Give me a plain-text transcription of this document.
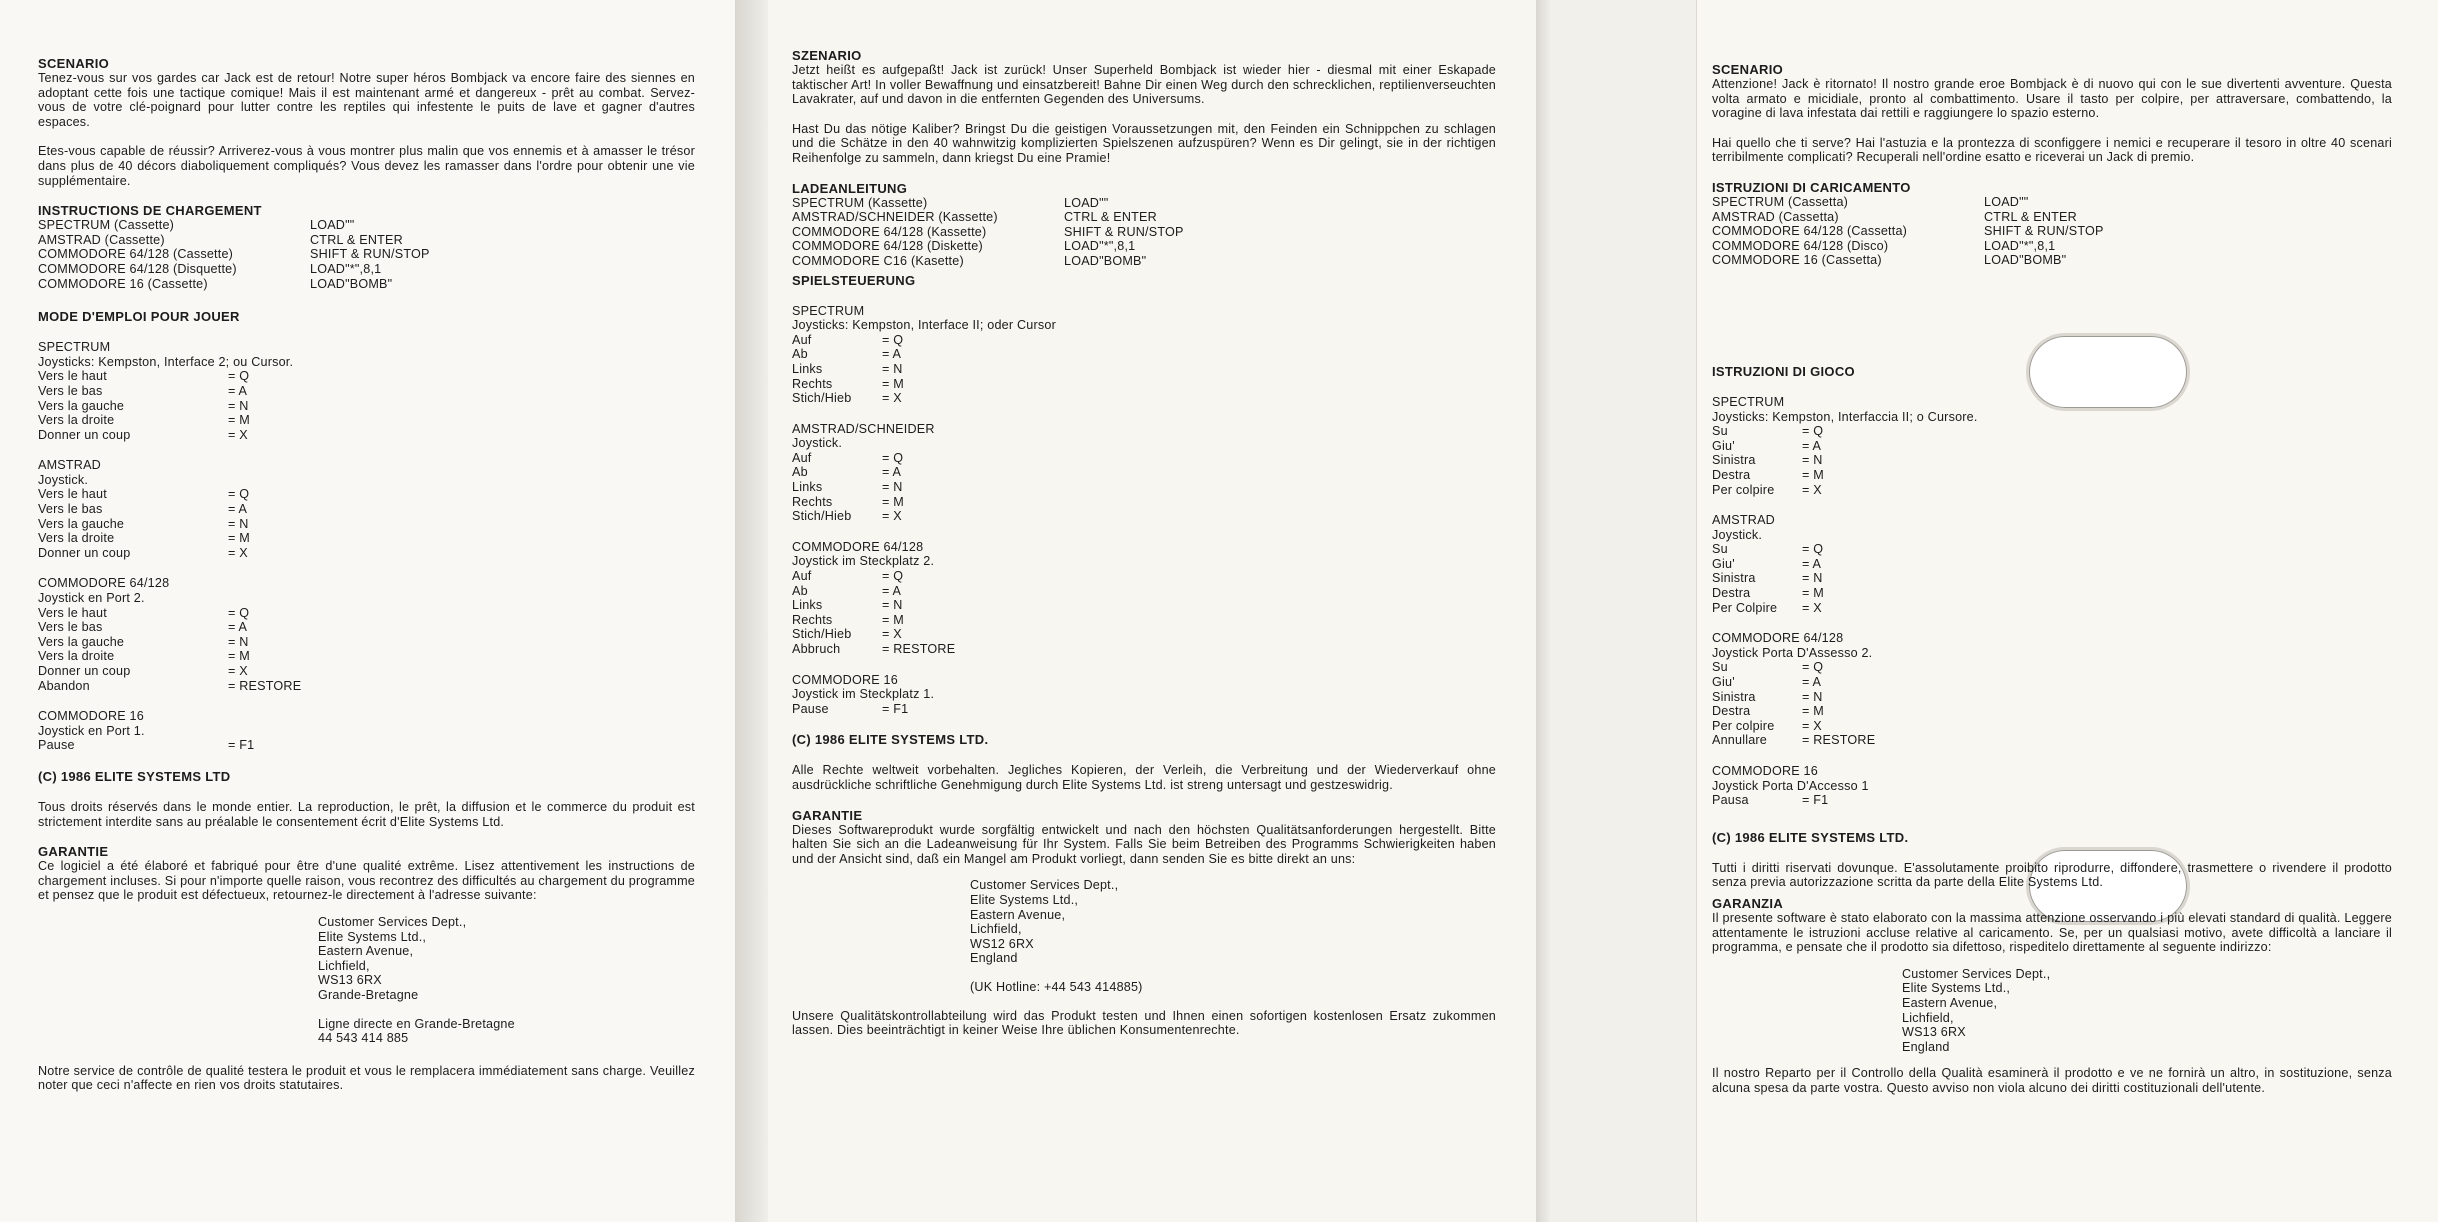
SCENARIO
Tenez-vous sur vos gardes car Jack est de retour! Notre super héros Bombjack va encore faire des siennes en adoptant cette fois une tactique comique! Mais il est maintenant armé et dangereux - prêt au combat. Servez-vous de votre clé-poignard pour lutter contre les reptiles qui infestente le puits de lave et gagner d'autres espaces.
Etes-vous capable de réussir? Arriverez-vous à vous montrer plus malin que vos ennemis et à amasser le trésor dans plus de 40 décors diaboliquement compliqués? Vous devez les ramasser dans l'ordre pour obtenir une vie supplémentaire.
INSTRUCTIONS DE CHARGEMENT
SPECTRUM (Cassette)	LOAD""
AMSTRAD (Cassette)	CTRL & ENTER
COMMODORE 64/128 (Cassette)	SHIFT & RUN/STOP
COMMODORE 64/128 (Disquette)	LOAD"*",8,1
COMMODORE 16 (Cassette)	LOAD"BOMB"
MODE D'EMPLOI POUR JOUER
SPECTRUM
Joysticks: Kempston, Interface 2; ou Cursor.
Vers le haut	= Q
Vers le bas	= A
Vers la gauche	= N
Vers la droite	= M
Donner un coup	= X
AMSTRAD
Joystick.
Vers le haut	= Q
Vers le bas	= A
Vers la gauche	= N
Vers la droite	= M
Donner un coup	= X
COMMODORE 64/128
Joystick en Port 2.
Vers le haut	= Q
Vers le bas	= A
Vers la gauche	= N
Vers la droite	= M
Donner un coup	= X
Abandon	= RESTORE
COMMODORE 16
Joystick en Port 1.
Pause	= F1
(C) 1986 ELITE SYSTEMS LTD
Tous droits réservés dans le monde entier. La reproduction, le prêt, la diffusion et le commerce du produit est strictement interdite sans au préalable le consentement écrit d'Elite Systems Ltd.
GARANTIE
Ce logiciel a été élaboré et fabriqué pour être d'une qualité extrême. Lisez attentivement les instructions de chargement incluses. Si pour n'importe quelle raison, vous recontrez des difficultés au chargement du programme et pensez que le produit est défectueux, retournez-le directement à l'adresse suivante:
Customer Services Dept.,
Elite Systems Ltd.,
Eastern Avenue,
Lichfield,
WS13 6RX
Grande-Bretagne
Ligne directe en Grande-Bretagne
44 543 414 885
Notre service de contrôle de qualité testera le produit et vous le remplacera immédiatement sans charge. Veuillez noter que ceci n'affecte en rien vos droits statutaires.
SZENARIO
Jetzt heißt es aufgepaßt! Jack ist zurück! Unser Superheld Bombjack ist wieder hier - diesmal mit einer Eskapade taktischer Art! In voller Bewaffnung und einsatzbereit! Bahne Dir einen Weg durch den schrecklichen, reptilienverseuchten Lavakrater, auf und davon in die entfernten Gegenden des Universums.
Hast Du das nötige Kaliber? Bringst Du die geistigen Voraussetzungen mit, den Feinden ein Schnippchen zu schlagen und die Schätze in den 40 wahnwitzig komplizierten Spielszenen aufzuspüren? Wenn es Dir gelingt, sie in der richtigen Reihenfolge zu sammeln, dann kriegst Du eine Pramie!
LADEANLEITUNG
SPECTRUM (Kassette)	LOAD""
AMSTRAD/SCHNEIDER (Kassette)	CTRL & ENTER
COMMODORE 64/128 (Kassette)	SHIFT & RUN/STOP
COMMODORE 64/128 (Diskette)	LOAD"*",8,1
COMMODORE C16 (Kasette)	LOAD"BOMB"
SPIELSTEUERUNG
SPECTRUM
Joysticks: Kempston, Interface II; oder Cursor
Auf	= Q
Ab	= A
Links	= N
Rechts	= M
Stich/Hieb	= X
AMSTRAD/SCHNEIDER
Joystick.
Auf	= Q
Ab	= A
Links	= N
Rechts	= M
Stich/Hieb	= X
COMMODORE 64/128
Joystick im Steckplatz 2.
Auf	= Q
Ab	= A
Links	= N
Rechts	= M
Stich/Hieb	= X
Abbruch	= RESTORE
COMMODORE 16
Joystick im Steckplatz 1.
Pause	= F1
(C) 1986 ELITE SYSTEMS LTD.
Alle Rechte weltweit vorbehalten. Jegliches Kopieren, der Verleih, die Verbreitung und der Wiederverkauf ohne ausdrückliche schriftliche Genehmigung durch Elite Systems Ltd. ist streng untersagt und gestzeswidrig.
GARANTIE
Dieses Softwareprodukt wurde sorgfältig entwickelt und nach den höchsten Qualitätsanforderungen hergestellt. Bitte halten Sie sich an die Ladeanweisung für Ihr System. Falls Sie beim Betreiben des Programms Schwierigkeiten haben und der Ansicht sind, daß ein Mangel am Produkt vorliegt, dann senden Sie es bitte direkt an uns:
Customer Services Dept.,
Elite Systems Ltd.,
Eastern Avenue,
Lichfield,
WS12 6RX
England
(UK Hotline: +44 543 414885)
Unsere Qualitätskontrollabteilung wird das Produkt testen und Ihnen einen sofortigen kostenlosen Ersatz zukommen lassen. Dies beeinträchtigt in keiner Weise Ihre üblichen Konsumentenrechte.
SCENARIO
Attenzione! Jack è ritornato! Il nostro grande eroe Bombjack è di nuovo qui con le sue divertenti avventure. Questa volta armato e micidiale, pronto al combattimento. Usare il tasto per colpire, per attraversare, combattendo, la voragine di lava infestata dai rettili e raggiungere lo spazio esterno.
Hai quello che ti serve? Hai l'astuzia e la prontezza di sconfiggere i nemici e recuperare il tesoro in oltre 40 scenari terribilmente complicati? Recuperali nell'ordine esatto e riceverai un Jack di premio.
ISTRUZIONI DI CARICAMENTO
SPECTRUM (Cassetta)	LOAD""
AMSTRAD (Cassetta)	CTRL & ENTER
COMMODORE 64/128 (Cassetta)	SHIFT & RUN/STOP
COMMODORE 64/128 (Disco)	LOAD"*",8,1
COMMODORE 16 (Cassetta)	LOAD"BOMB"
ISTRUZIONI DI GIOCO
SPECTRUM
Joysticks: Kempston, Interfaccia II; o Cursore.
Su	= Q
Giu'	= A
Sinistra	= N
Destra	= M
Per colpire	= X
AMSTRAD
Joystick.
Su	= Q
Giu'	= A
Sinistra	= N
Destra	= M
Per Colpire	= X
COMMODORE 64/128
Joystick Porta D'Assesso 2.
Su	= Q
Giu'	= A
Sinistra	= N
Destra	= M
Per colpire	= X
Annullare	= RESTORE
COMMODORE 16
Joystick Porta D'Accesso 1
Pausa	= F1
(C) 1986 ELITE SYSTEMS LTD.
Tutti i diritti riservati dovunque. E'assolutamente proibito riprodurre, diffondere, trasmettere o rivendere il prodotto senza previa autorizzazione scritta da parte della Elite Systems Ltd.
GARANZIA
Il presente software è stato elaborato con la massima attenzione osservando i più elevati standard di qualità. Leggere attentamente le istruzioni accluse relative al caricamento. Se, per un qualsiasi motivo, avete difficoltà a lanciare il programma, e pensate che il prodotto sia difettoso, rispeditelo direttamente al seguente indirizzo:
Customer Services Dept.,
Elite Systems Ltd.,
Eastern Avenue,
Lichfield,
WS13 6RX
England
Il nostro Reparto per il Controllo della Qualità esaminerà il prodotto e ve ne fornirà un altro, in sostituzione, senza alcuna spesa da parte vostra. Questo avviso non viola alcuno dei diritti costituzionali dell'utente.
